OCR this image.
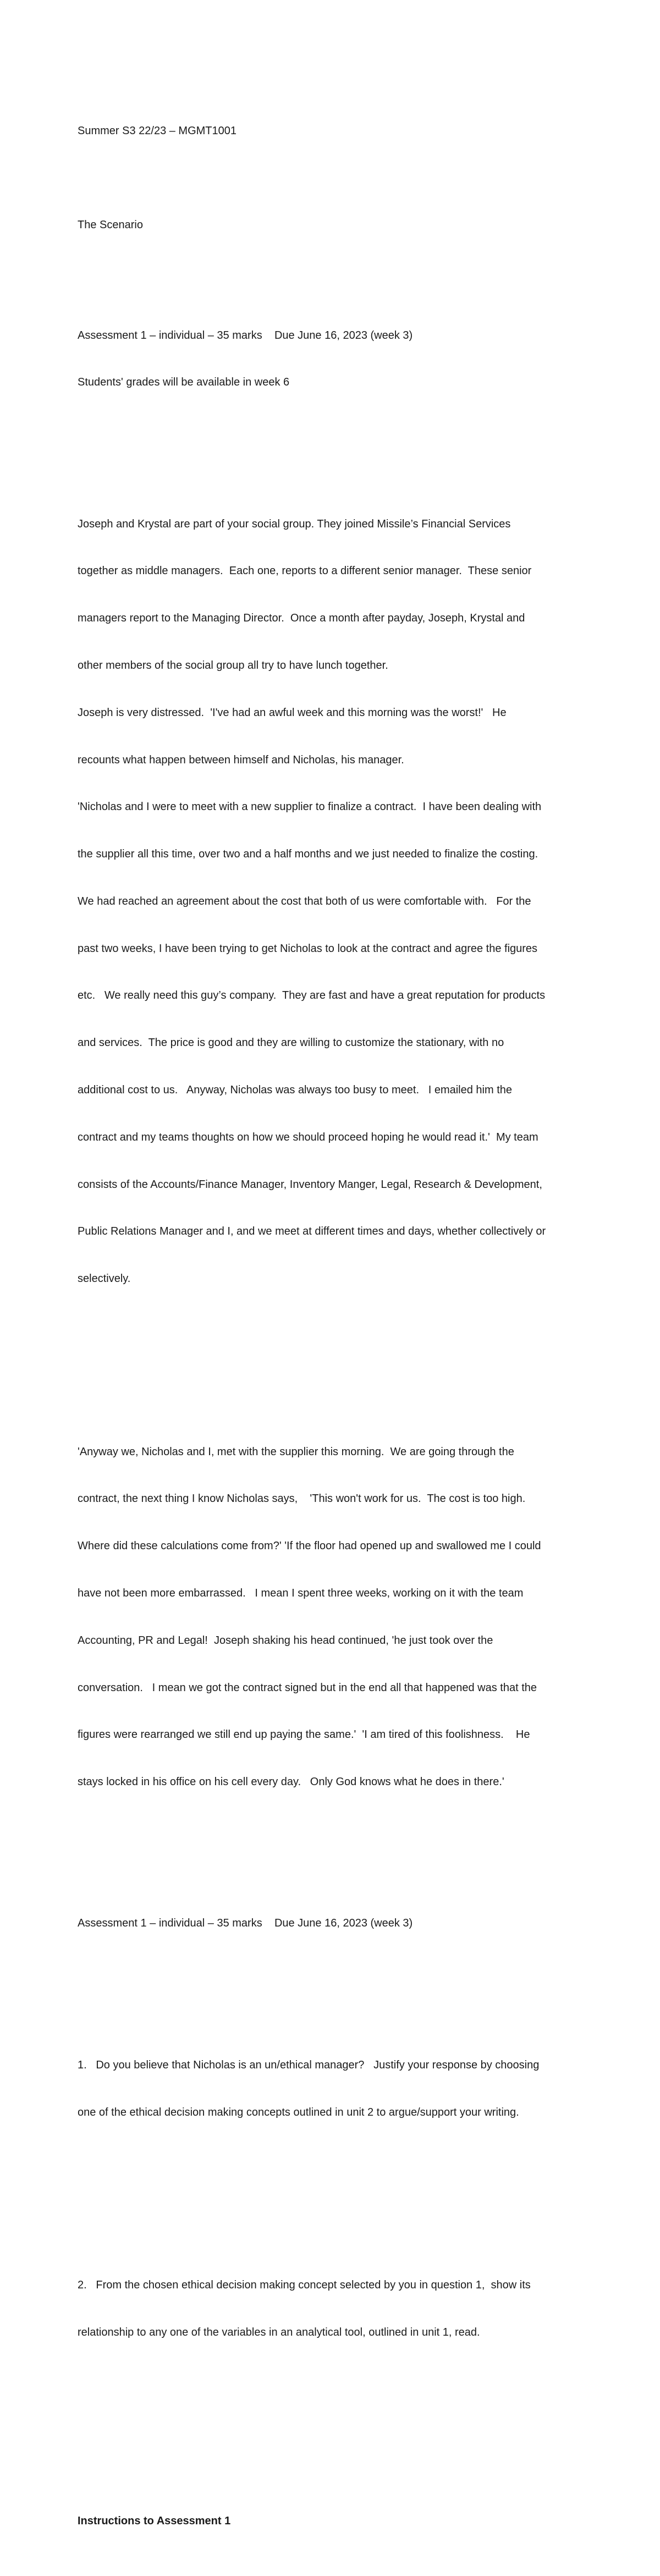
Summer S3 22/23 – MGMT1001

The Scenario

Assessment 1 – individual – 35 marks    Due June 16, 2023 (week 3)

Students' grades will be available in week 6

Joseph and Krystal are part of your social group. They joined Missile’s Financial Services

together as middle managers.  Each one, reports to a different senior manager.  These senior

managers report to the Managing Director.  Once a month after payday, Joseph, Krystal and

other members of the social group all try to have lunch together.

Joseph is very distressed.  'I've had an awful week and this morning was the worst!'   He

recounts what happen between himself and Nicholas, his manager.

'Nicholas and I were to meet with a new supplier to finalize a contract.  I have been dealing with

the supplier all this time, over two and a half months and we just needed to finalize the costing.

We had reached an agreement about the cost that both of us were comfortable with.   For the

past two weeks, I have been trying to get Nicholas to look at the contract and agree the figures

etc.   We really need this guy’s company.  They are fast and have a great reputation for products

and services.  The price is good and they are willing to customize the stationary, with no

additional cost to us.   Anyway, Nicholas was always too busy to meet.   I emailed him the

contract and my teams thoughts on how we should proceed hoping he would read it.'  My team

consists of the Accounts/Finance Manager, Inventory Manger, Legal, Research & Development,

Public Relations Manager and I, and we meet at different times and days, whether collectively or

selectively.

'Anyway we, Nicholas and I, met with the supplier this morning.  We are going through the

contract, the next thing I know Nicholas says,    'This won't work for us.  The cost is too high.

Where did these calculations come from?' 'If the floor had opened up and swallowed me I could

have not been more embarrassed.   I mean I spent three weeks, working on it with the team

Accounting, PR and Legal!  Joseph shaking his head continued, 'he just took over the

conversation.   I mean we got the contract signed but in the end all that happened was that the

figures were rearranged we still end up paying the same.'  'I am tired of this foolishness.    He

stays locked in his office on his cell every day.   Only God knows what he does in there.'

Assessment 1 – individual – 35 marks    Due June 16, 2023 (week 3)

1.   Do you believe that Nicholas is an un/ethical manager?   Justify your response by choosing

one of the ethical decision making concepts outlined in unit 2 to argue/support your writing.

2.   From the chosen ethical decision making concept selected by you in question 1,  show its

relationship to any one of the variables in an analytical tool, outlined in unit 1, read.

Instructions to Assessment 1
